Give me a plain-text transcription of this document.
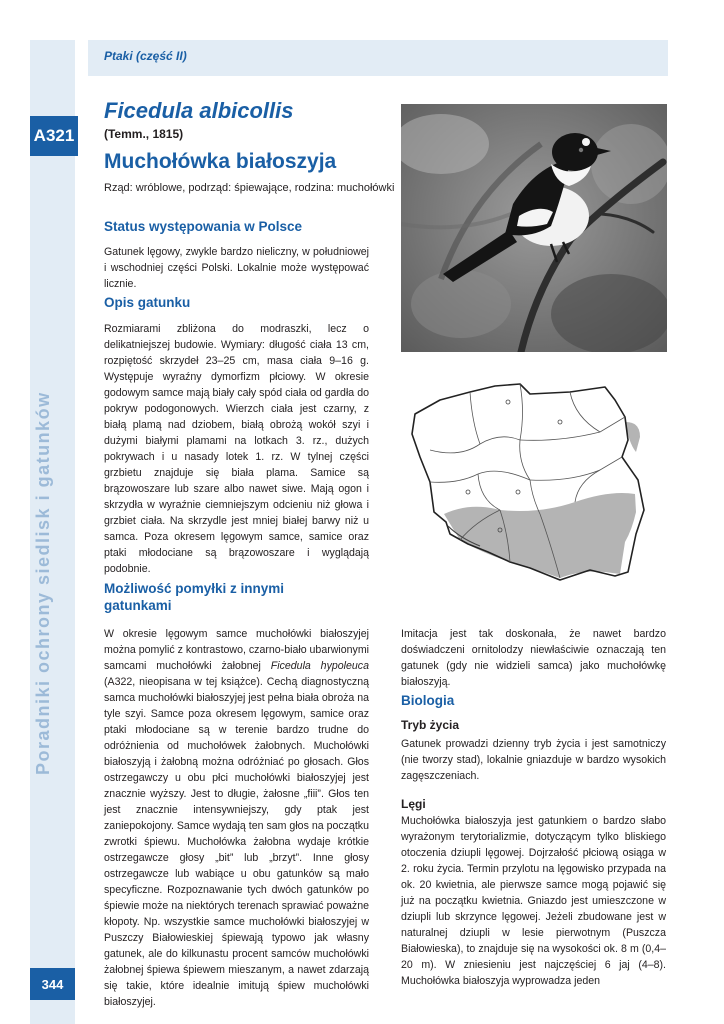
Ptaki (część II)
A321
Poradniki ochrony siedlisk i gatunków
344
Ficedula albicollis
(Temm., 1815)
Muchołówka białoszyja
Rząd: wróblowe, podrząd: śpiewające, rodzina: muchołówki
Status występowania w Polsce

Gatunek lęgowy, zwykle bardzo nieliczny, w południowej i wschodniej części Polski. Lokalnie może występować licznie.

Opis gatunku

Rozmiarami zbliżona do modraszki, lecz o delikatniejszej budowie. Wymiary: długość ciała 13 cm, rozpiętość skrzydeł 23–25 cm, masa ciała 9–16 g. Występuje wyraźny dymorfizm płciowy. W okresie godowym samce mają biały cały spód ciała od gardła do pokryw podogonowych. Wierzch ciała jest czarny, z białą plamą nad dziobem, białą obrożą wokół szyi i dużymi białymi plamami na lotkach 3. rz., dużych pokrywach i u nasady lotek 1. rz. W tylnej części grzbietu znajduje się biała plama. Samice są brązowoszare lub szare albo nawet siwe. Mają ogon i skrzydła w wyraźnie ciemniejszym odcieniu niż głowa i grzbiet ciała. Na skrzydle jest mniej białej barwy niż u samca. Poza okresem lęgowym samce, samice oraz ptaki młodociane są brązowoszare i wyglądają podobnie.

Możliwość pomyłki z innymi
gatunkami

W okresie lęgowym samce muchołówki białoszyjej można pomylić z kontrastowo, czarno-biało ubarwionymi samcami muchołówki żałobnej Ficedula hypoleuca (A322, nieopisana w tej książce). Cechą diagnostyczną samca muchołówki białoszyjej jest pełna biała obroża na tyle szyi. Samce poza okresem lęgowym, samice oraz ptaki młodociane są w terenie bardzo trudne do odróżnienia od muchołówek żałobnych. Muchołówki białoszyją i żałobną można odróżniać po głosach. Głos ostrzegawczy u obu płci muchołówki białoszyjej jest znacznie wyższy. Jest to długie, żałosne „fiii”. Głos ten jest znacznie intensywniejszy, gdy ptak jest zaniepokojony. Samce wydają ten sam głos na początku zwrotki śpiewu. Muchołówka żałobna wydaje krótkie ostrzegawcze głosy „bit” lub „brzyt”. Inne głosy ostrzegawcze lub wabiące u obu gatunków są mało specyficzne. Rozpoznawanie tych dwóch gatunków po śpiewie może na niektórych terenach sprawiać poważne kłopoty. Np. wszystkie samce muchołówki białoszyjej w Puszczy Białowieskiej śpiewają typowo jak własny gatunek, ale do kilkunastu procent samców muchołówki żałobnej śpiewa śpiewem mieszanym, a nawet zdarzają się takie, które idealnie imitują śpiew muchołówki białoszyjej.

Imitacja jest tak doskonała, że nawet bardzo doświadczeni ornitolodzy niewłaściwie oznaczają ten gatunek (gdy nie widzieli samca) jako muchołówkę białoszyją.

Biologia
Tryb życia

Gatunek prowadzi dzienny tryb życia i jest samotniczy (nie tworzy stad), lokalnie gniazduje w bardzo wysokich zagęszczeniach.

Lęgi

Muchołówka białoszyja jest gatunkiem o bardzo słabo wyrażonym terytorializmie, dotyczącym tylko bliskiego otoczenia dziupli lęgowej. Dojrzałość płciową osiąga w 2. roku życia. Termin przylotu na lęgowisko przypada na ok. 20 kwietnia, ale pierwsze samce mogą pojawić się już na początku kwietnia. Gniazdo jest umieszczone w dziupli lub skrzynce lęgowej. Jeżeli zbudowane jest w naturalnej dziupli w lesie pierwotnym (Puszcza Białowieska), to znajduje się na wysokości ok. 8 m (0,4–20 m). W zniesieniu jest najczęściej 6 jaj (4–8). Muchołówka białoszyja wyprowadza jeden
